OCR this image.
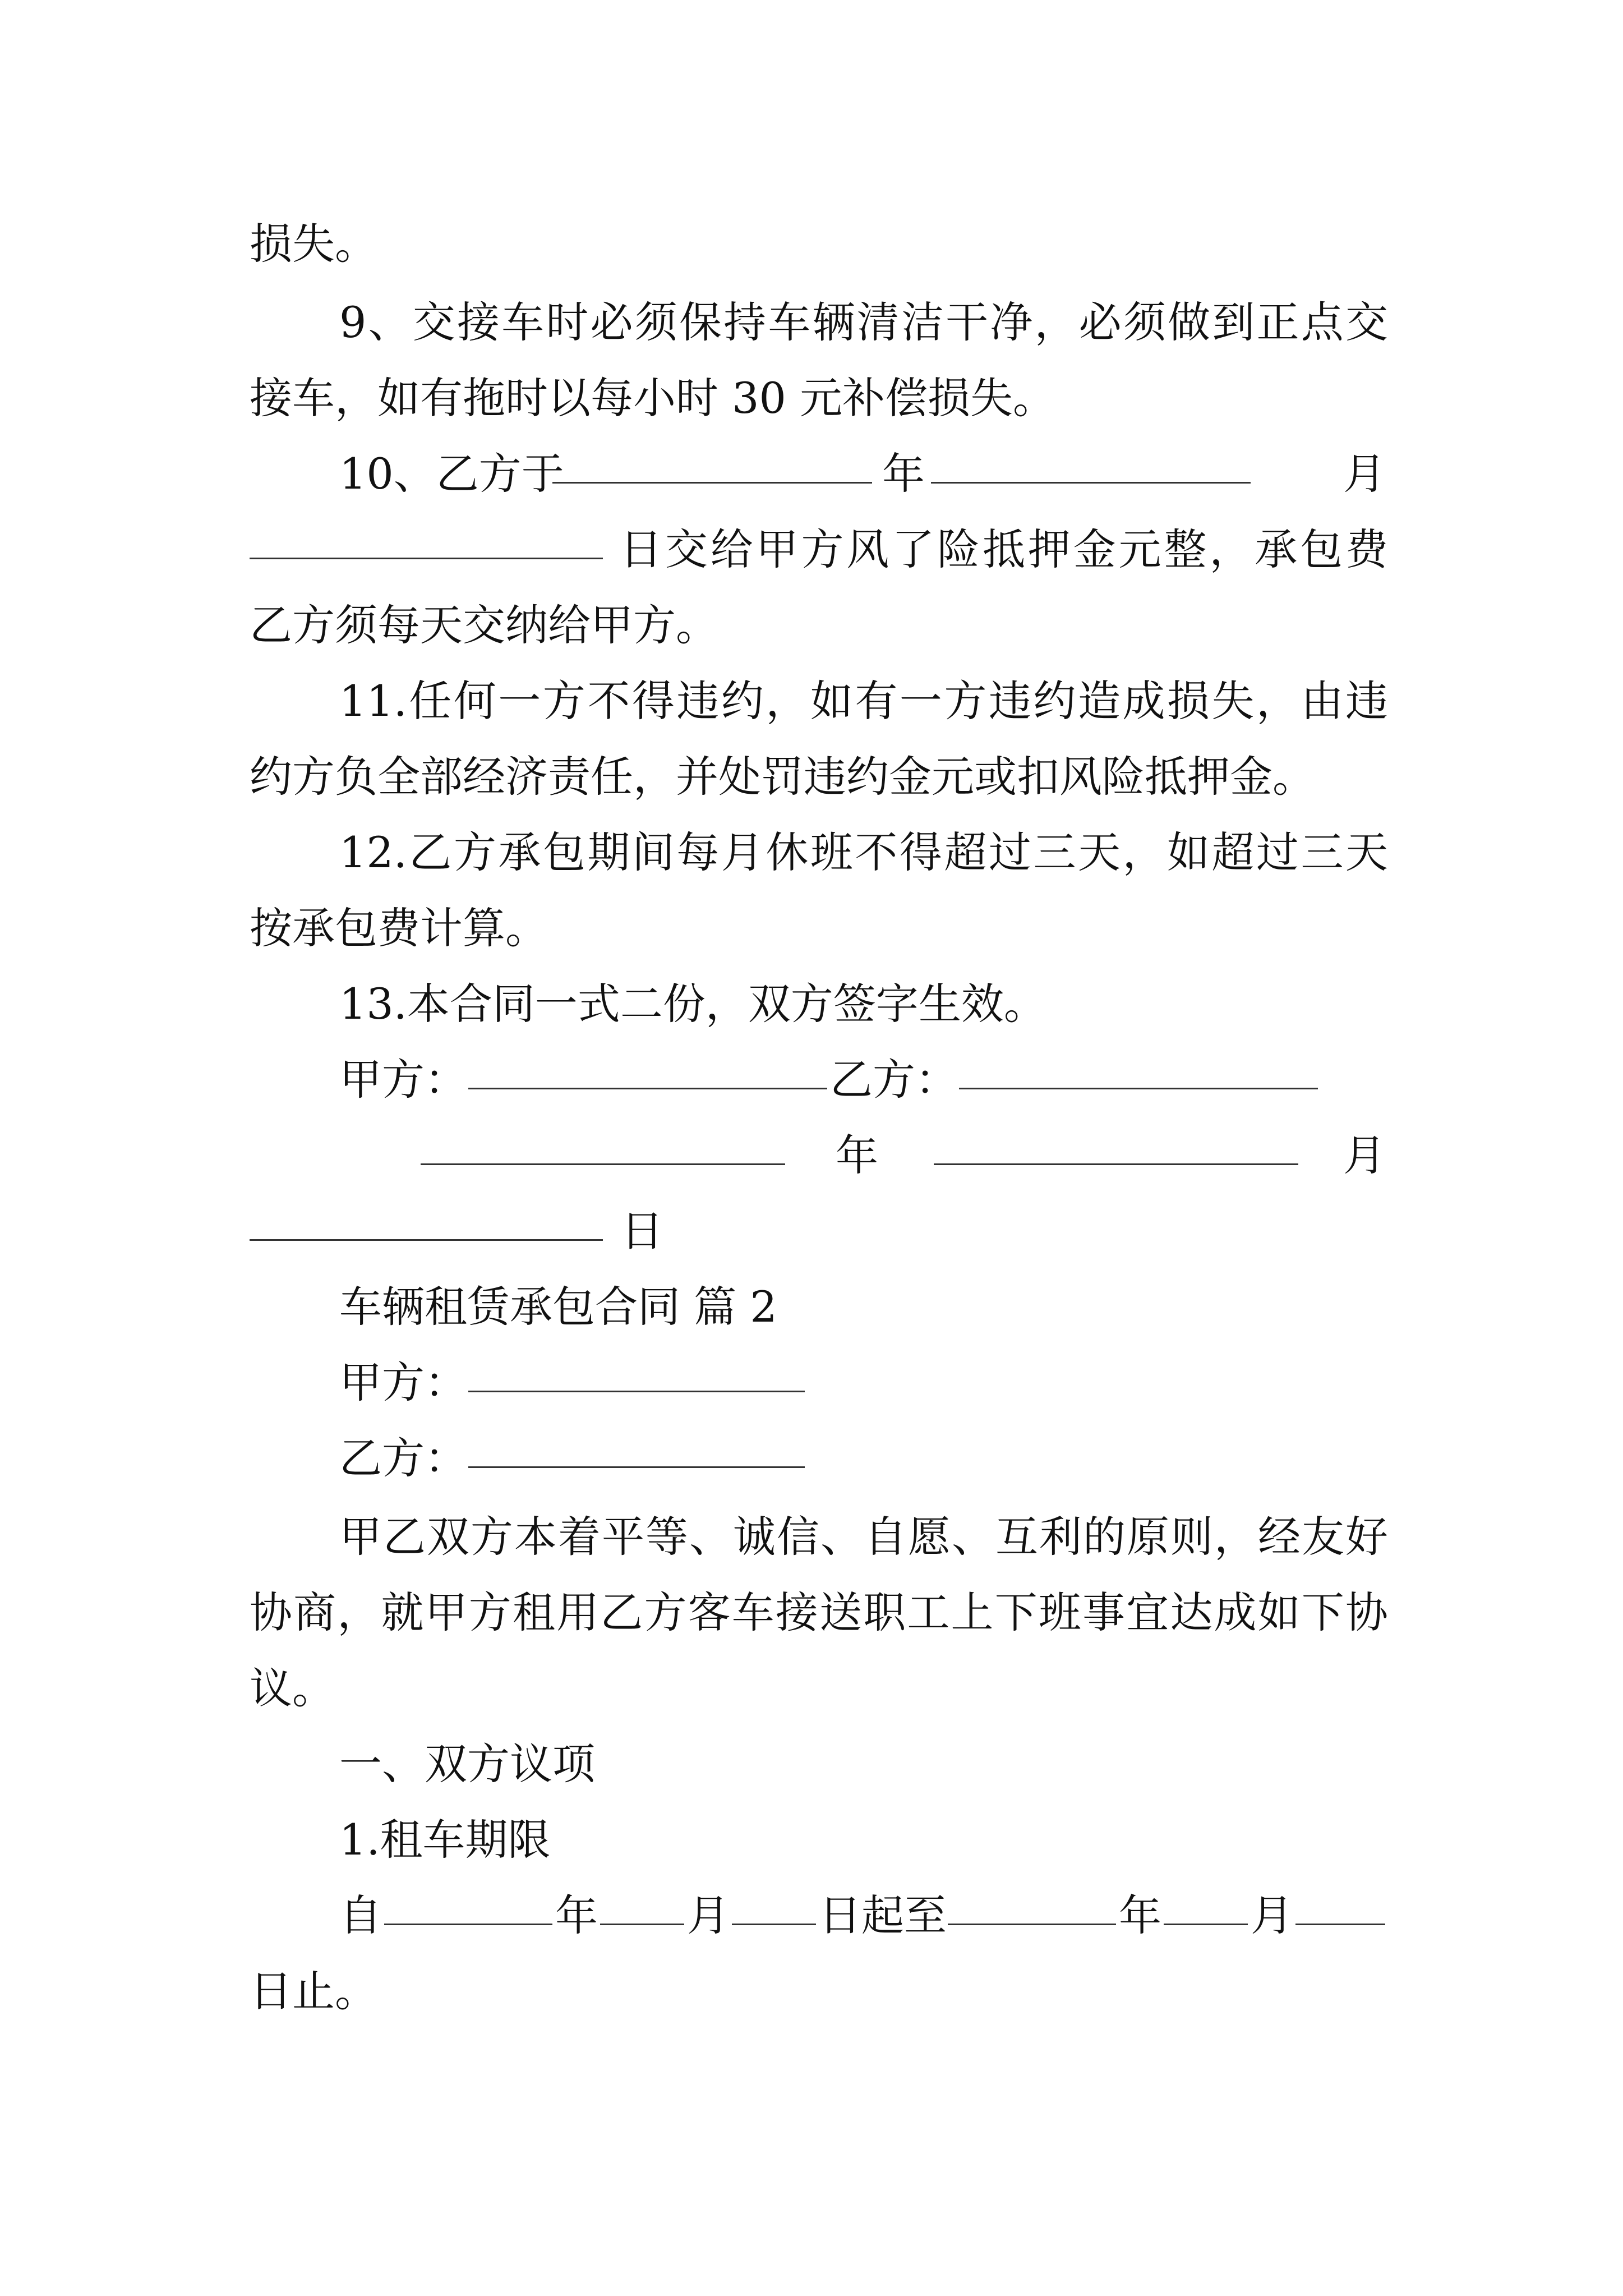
损失。
9、交接车时必须保持车辆清洁干净，必须做到正点交
接车，如有拖时以每小时 30 元补偿损失。
10、乙方于	年	月
日交给甲方风了险抵押金元整，承包费
乙方须每天交纳给甲方。
11.任何一方不得违约，如有一方违约造成损失，由违
约方负全部经济责任，并处罚违约金元或扣风险抵押金。
12.乙方承包期间每月休班不得超过三天，如超过三天
按承包费计算。
13.本合同一式二份，双方签字生效。
甲方：	乙方：
年	月
日
车辆租赁承包合同 篇 2
甲方：
乙方：
甲乙双方本着平等、诚信、自愿、互利的原则，经友好
协商，就甲方租用乙方客车接送职工上下班事宜达成如下协
议。
一、双方议项
1.租车期限
自	年 月 日起至	年 月
日止。
